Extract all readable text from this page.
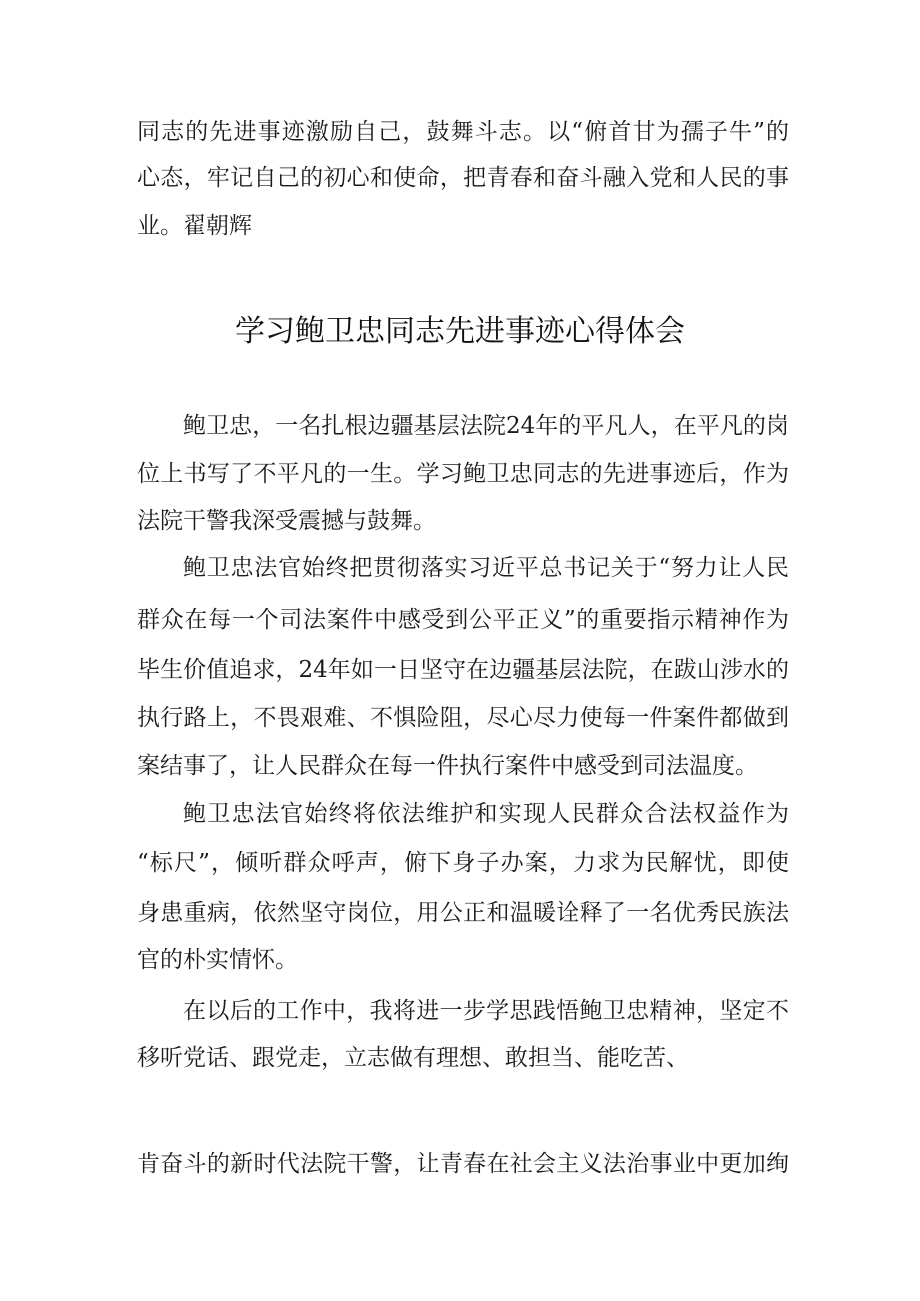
同志的先进事迹激励自己，鼓舞斗志。以“俯首甘为孺子牛”的
心态，牢记自己的初心和使命，把青春和奋斗融入党和人民的事
业。翟朝辉
学习鲍卫忠同志先进事迹心得体会
鲍卫忠，一名扎根边疆基层法院24年的平凡人，在平凡的岗
位上书写了不平凡的一生。学习鲍卫忠同志的先进事迹后，作为
法院干警我深受震撼与鼓舞。
鲍卫忠法官始终把贯彻落实习近平总书记关于“努力让人民
群众在每一个司法案件中感受到公平正义”的重要指示精神作为
毕生价值追求，24年如一日坚守在边疆基层法院，在跋山涉水的
执行路上，不畏艰难、不惧险阻，尽心尽力使每一件案件都做到
案结事了，让人民群众在每一件执行案件中感受到司法温度。
鲍卫忠法官始终将依法维护和实现人民群众合法权益作为
“标尺”，倾听群众呼声，俯下身子办案，力求为民解忧，即使
身患重病，依然坚守岗位，用公正和温暖诠释了一名优秀民族法
官的朴实情怀。
在以后的工作中，我将进一步学思践悟鲍卫忠精神，坚定不
移听党话、跟党走，立志做有理想、敢担当、能吃苦、
肯奋斗的新时代法院干警，让青春在社会主义法治事业中更加绚
